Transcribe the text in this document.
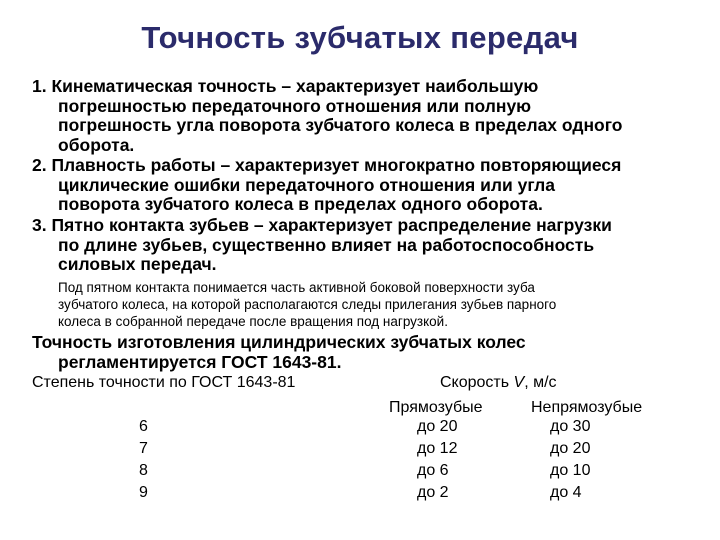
Точность зубчатых передач
1. Кинематическая точность – характеризует наибольшую
погрешностью передаточного отношения или полную
погрешность угла поворота зубчатого колеса в пределах одного
оборота.
2. Плавность работы – характеризует многократно повторяющиеся
циклические ошибки передаточного отношения или угла
поворота зубчатого колеса в пределах одного оборота.
3. Пятно контакта зубьев – характеризует распределение нагрузки
по длине зубьев, существенно влияет на работоспособность
силовых передач.
Под пятном контакта понимается часть активной боковой поверхности зуба
зубчатого колеса, на которой располагаются следы прилегания зубьев парного
колеса в собранной передаче после вращения под нагрузкой.
Точность изготовления цилиндрических зубчатых колес
регламентируется ГОСТ 1643-81.
Степень точности по ГОСТ 1643-81	Скорость V, м/с
Прямозубые	Непрямозубые
6	до 20	до 30
7	до 12	до 20
8	до 6	до 10
9	до 2	до 4
